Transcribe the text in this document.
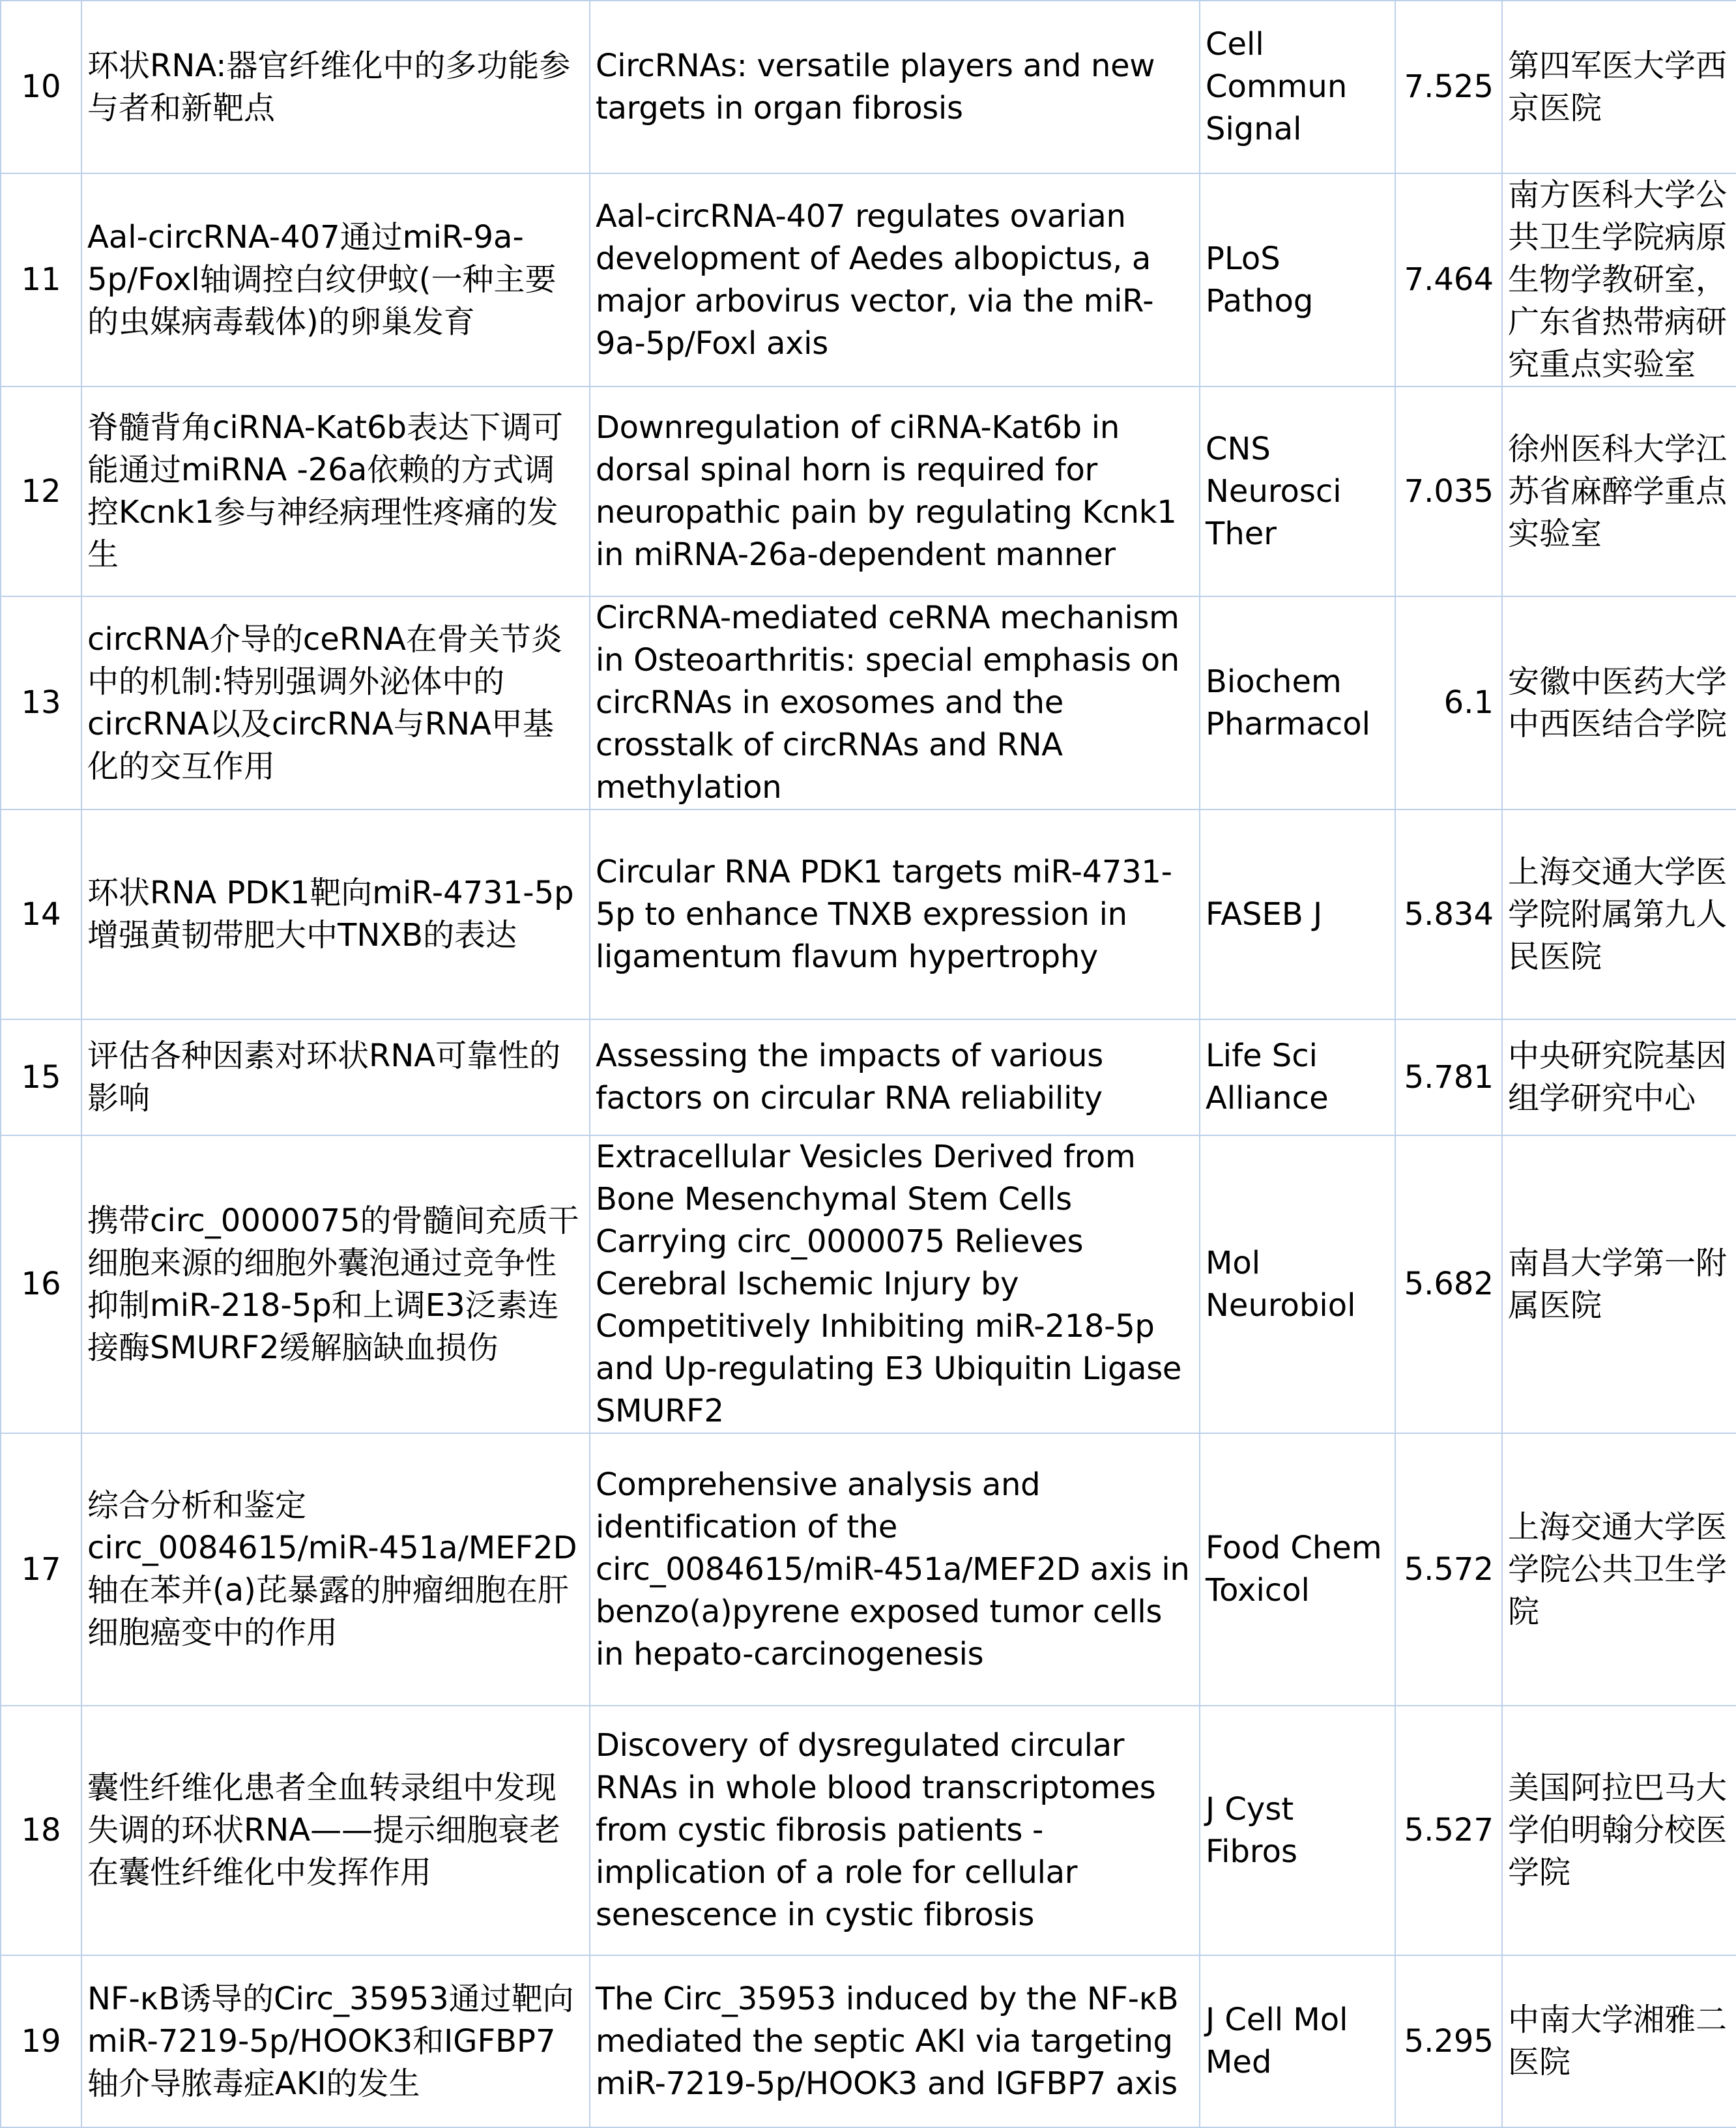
10	环状RNA:器官纤维化中的多功能参与者和新靶点	CircRNAs: versatile players and new targets in organ fibrosis	Cell Commun Signal	7.525	第四军医大学西京医院
11	Aal-circRNA-407通过miR-9a-5p/Foxl轴调控白纹伊蚊(一种主要的虫媒病毒载体)的卵巢发育	Aal-circRNA-407 regulates ovarian development of Aedes albopictus, a major arbovirus vector, via the miR-9a-5p/Foxl axis	PLoS Pathog	7.464	南方医科大学公共卫生学院病原生物学教研室，广东省热带病研究重点实验室
12	脊髓背角ciRNA-Kat6b表达下调可能通过miRNA -26a依赖的方式调控Kcnk1参与神经病理性疼痛的发生	Downregulation of ciRNA-Kat6b in dorsal spinal horn is required for neuropathic pain by regulating Kcnk1 in miRNA-26a-dependent manner	CNS Neurosci Ther	7.035	徐州医科大学江苏省麻醉学重点实验室
13	circRNA介导的ceRNA在骨关节炎中的机制:特别强调外泌体中的circRNA以及circRNA与RNA甲基化的交互作用	CircRNA-mediated ceRNA mechanism in Osteoarthritis: special emphasis on circRNAs in exosomes and the crosstalk of circRNAs and RNA methylation	Biochem Pharmacol	6.1	安徽中医药大学中西医结合学院
14	环状RNA PDK1靶向miR-4731-5p增强黄韧带肥大中TNXB的表达	Circular RNA PDK1 targets miR-4731-5p to enhance TNXB expression in ligamentum flavum hypertrophy	FASEB J	5.834	上海交通大学医学院附属第九人民医院
15	评估各种因素对环状RNA可靠性的影响	Assessing the impacts of various factors on circular RNA reliability	Life Sci Alliance	5.781	中央研究院基因组学研究中心
16	携带circ_0000075的骨髓间充质干细胞来源的细胞外囊泡通过竞争性抑制miR-218-5p和上调E3泛素连接酶SMURF2缓解脑缺血损伤	Extracellular Vesicles Derived from Bone Mesenchymal Stem Cells Carrying circ_0000075 Relieves Cerebral Ischemic Injury by Competitively Inhibiting miR-218-5p and Up-regulating E3 Ubiquitin Ligase SMURF2	Mol Neurobiol	5.682	南昌大学第一附属医院
17	综合分析和鉴定circ_0084615/miR-451a/MEF2D轴在苯并(a)芘暴露的肿瘤细胞在肝细胞癌变中的作用	Comprehensive analysis and identification of the circ_0084615/miR-451a/MEF2D axis in benzo(a)pyrene exposed tumor cells in hepato-carcinogenesis	Food Chem Toxicol	5.572	上海交通大学医学院公共卫生学院
18	囊性纤维化患者全血转录组中发现失调的环状RNA——提示细胞衰老在囊性纤维化中发挥作用	Discovery of dysregulated circular RNAs in whole blood transcriptomes from cystic fibrosis patients - implication of a role for cellular senescence in cystic fibrosis	J Cyst Fibros	5.527	美国阿拉巴马大学伯明翰分校医学院
19	NF-κB诱导的Circ_35953通过靶向miR-7219-5p/HOOK3和IGFBP7轴介导脓毒症AKI的发生	The Circ_35953 induced by the NF-κB mediated the septic AKI via targeting miR-7219-5p/HOOK3 and IGFBP7 axis	J Cell Mol Med	5.295	中南大学湘雅二医院
